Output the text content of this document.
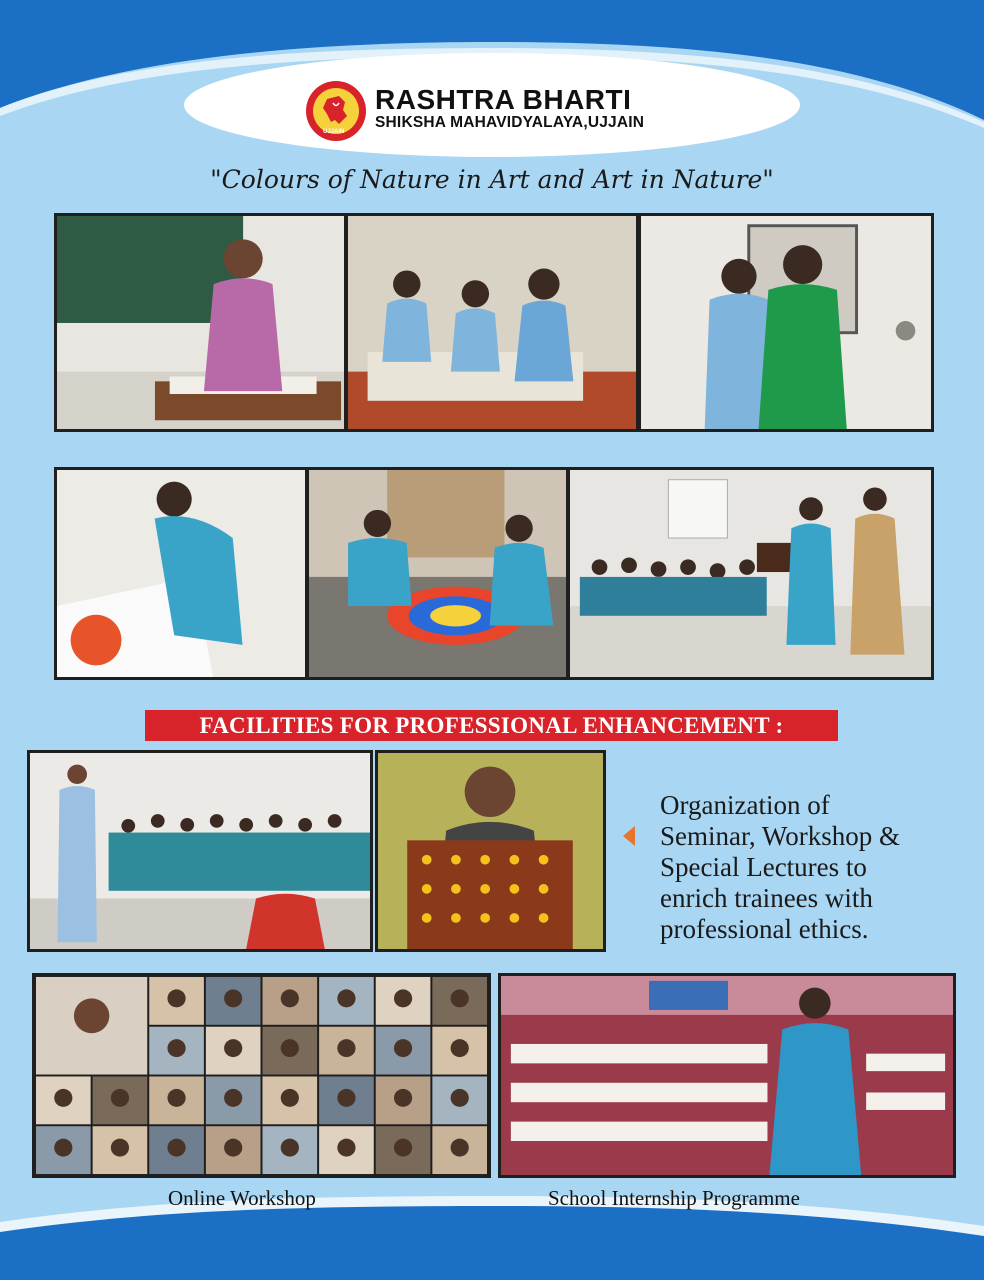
UJJAIN
RASHTRA BHARTI
SHIKSHA MAHAVIDYALAYA,UJJAIN
"Colours of Nature in Art and Art in Nature"
FACILITIES FOR PROFESSIONAL ENHANCEMENT :
Organization of
Seminar, Workshop &
Special Lectures to
enrich trainees with
professional ethics.
Online Workshop	School Internship Programme
